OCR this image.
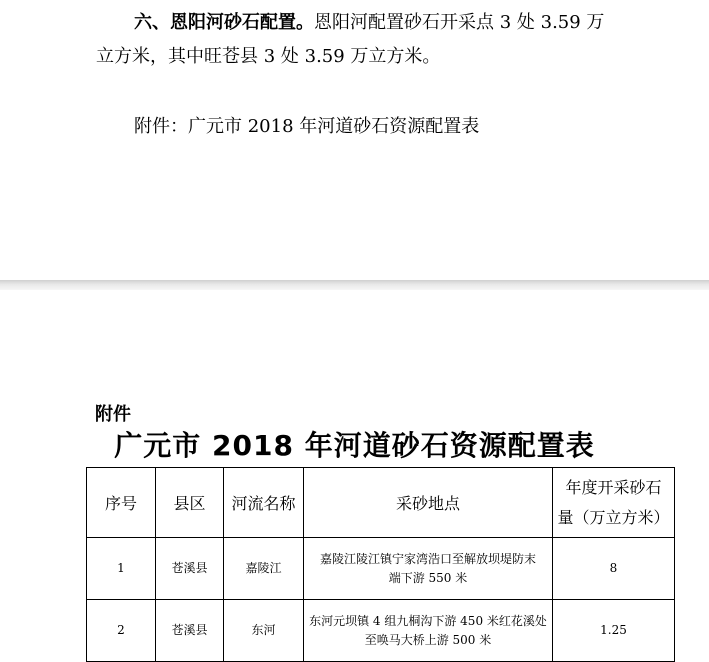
六、恩阳河砂石配置。恩阳河配置砂石开采点 3 处 3.59 万
立方米，其中旺苍县 3 处 3.59 万立方米。
附件：广元市 2018 年河道砂石资源配置表
附件
广元市 2018 年河道砂石资源配置表
序号	县区	河流名称	采砂地点	年度开采砂石
量（万立方米）
1	苍溪县	嘉陵江	嘉陵江陵江镇宁家湾浩口至解放坝堤防末
端下游 550 米	8
2	苍溪县	东河	东河元坝镇 4 组九桐沟下游 450 米红花溪处
至唤马大桥上游 500 米	1.25
